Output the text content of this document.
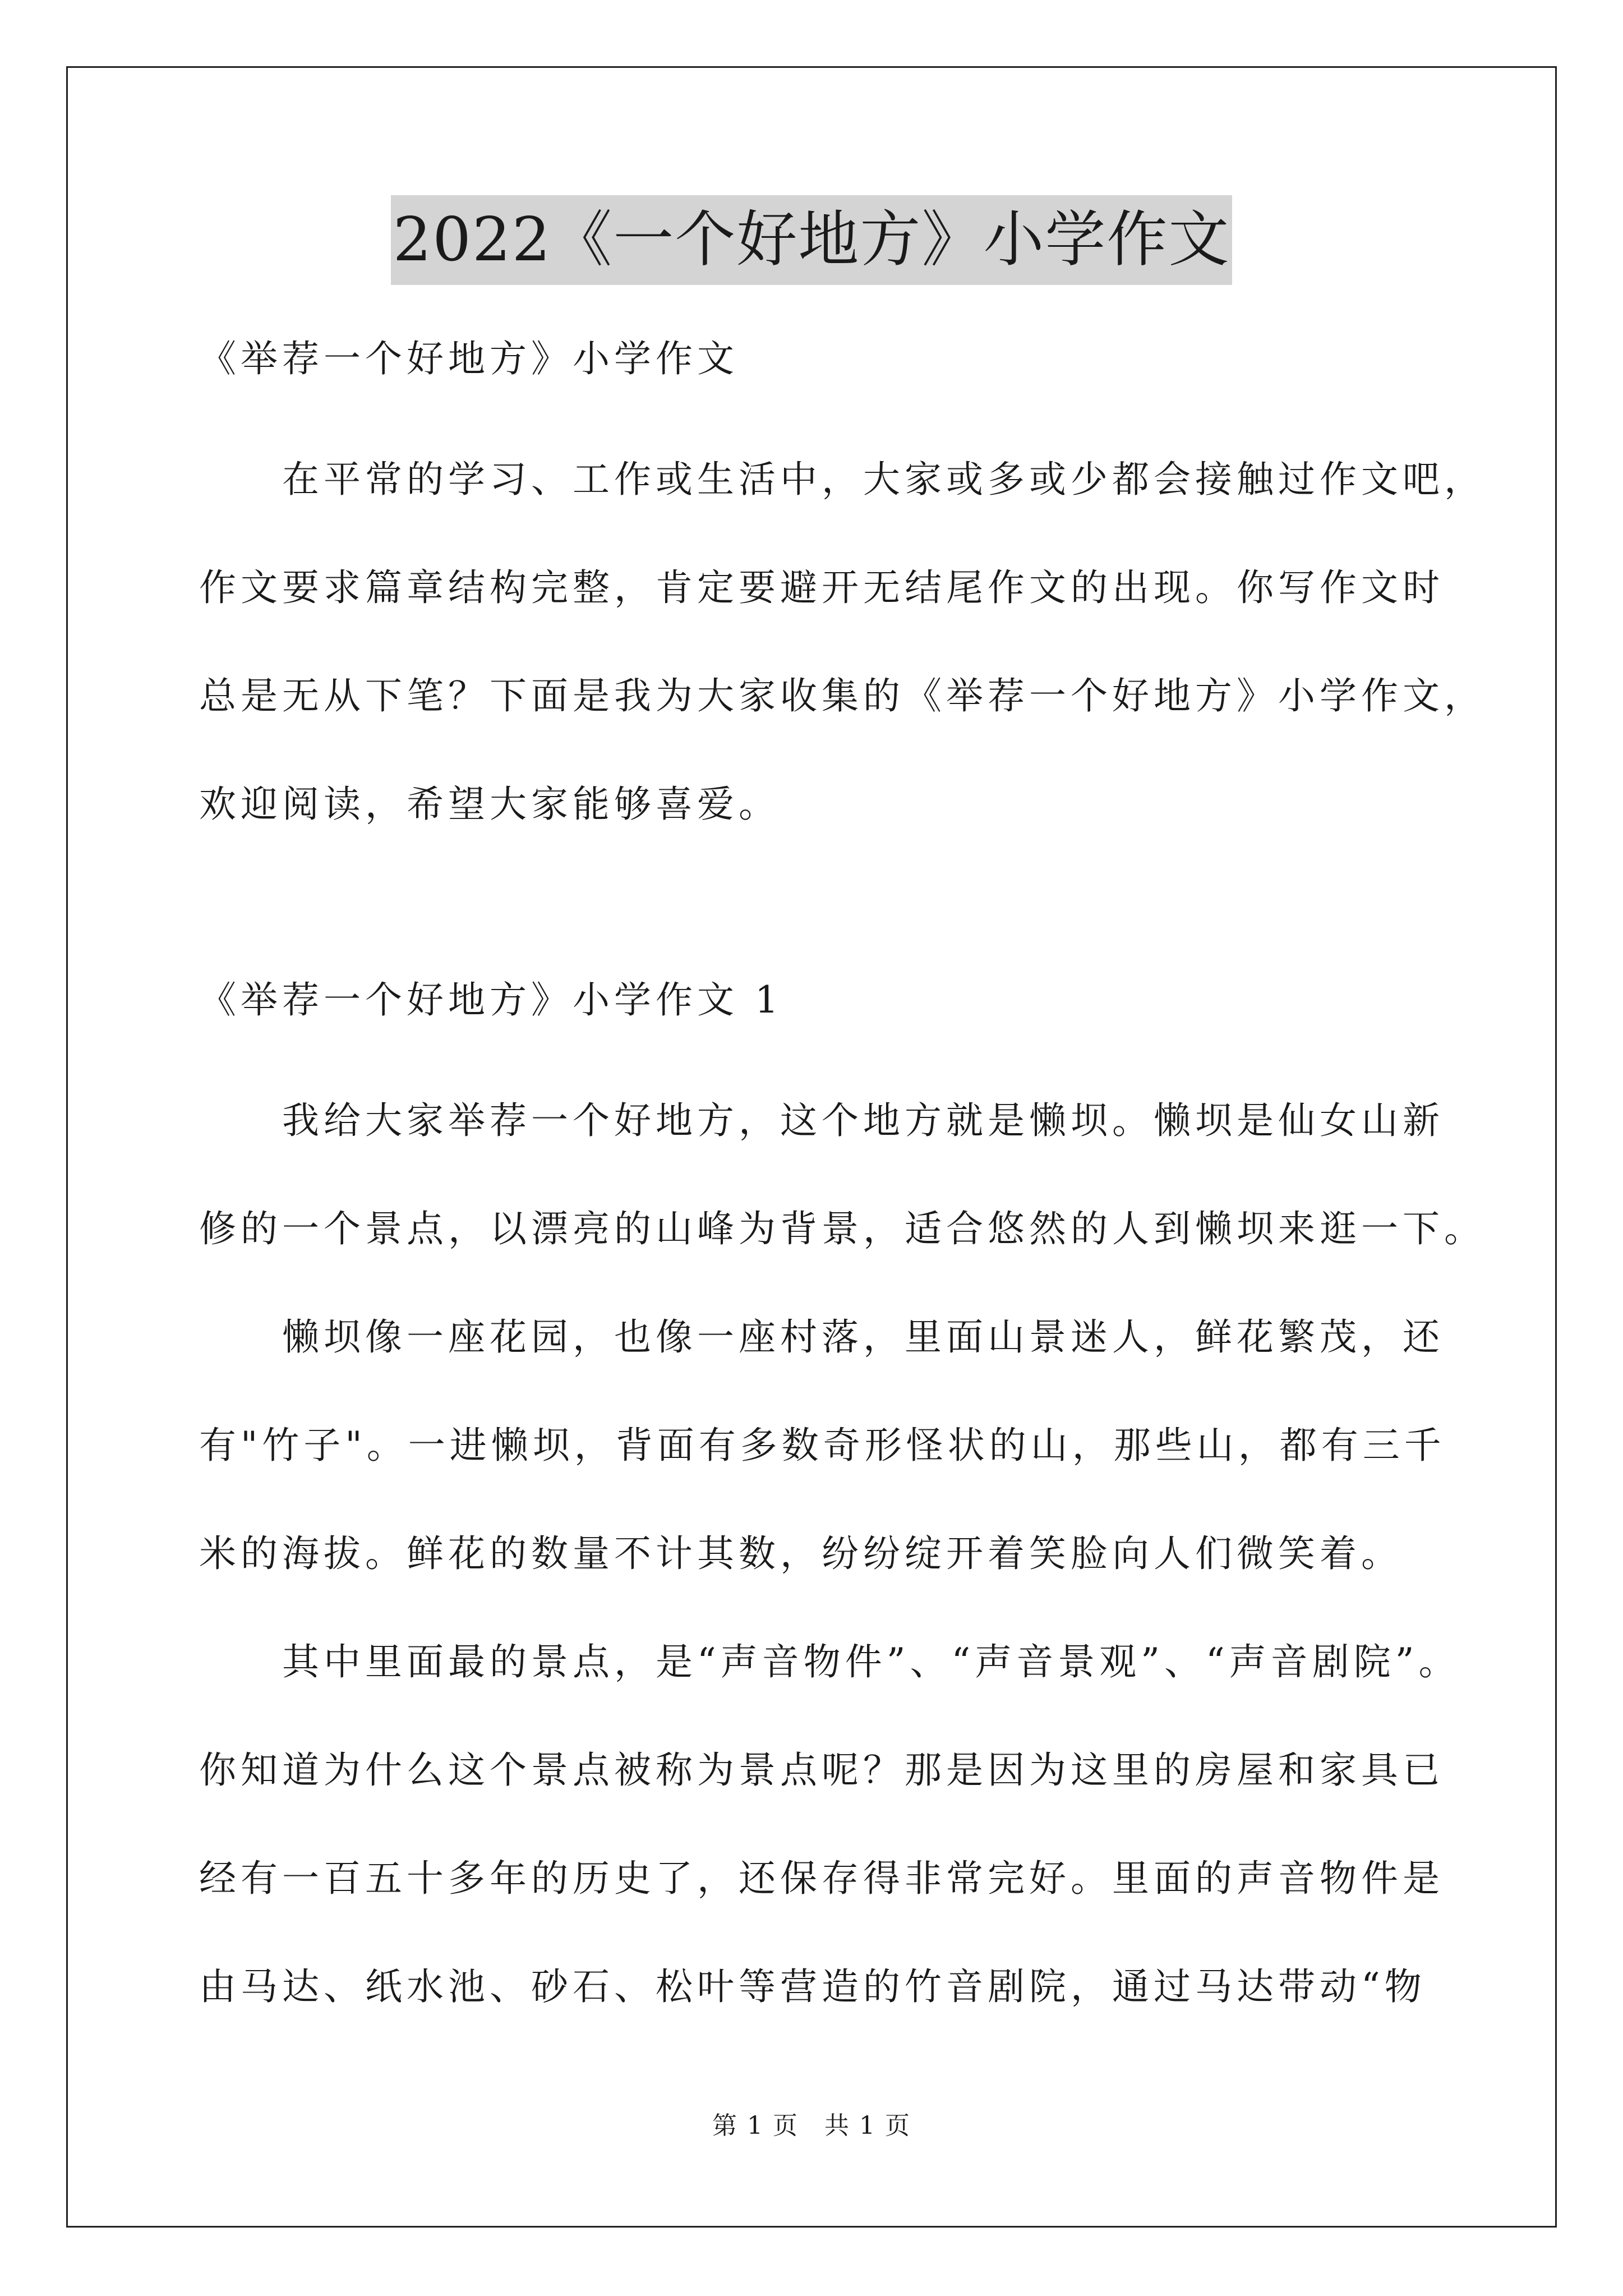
2022《一个好地方》小学作文
《举荐一个好地方》小学作文
　　在平常的学习、工作或生活中，大家或多或少都会接触过作文吧，
作文要求篇章结构完整，肯定要避开无结尾作文的出现。你写作文时
总是无从下笔？下面是我为大家收集的《举荐一个好地方》小学作文，
欢迎阅读，希望大家能够喜爱。
《举荐一个好地方》小学作文 1
　　我给大家举荐一个好地方，这个地方就是懒坝。懒坝是仙女山新
修的一个景点，以漂亮的山峰为背景，适合悠然的人到懒坝来逛一下。
　　懒坝像一座花园，也像一座村落，里面山景迷人，鲜花繁茂，还
有"竹子"。一进懒坝，背面有多数奇形怪状的山，那些山，都有三千
米的海拔。鲜花的数量不计其数，纷纷绽开着笑脸向人们微笑着。
　　其中里面最的景点，是“声音物件”、“声音景观”、“声音剧院”。
你知道为什么这个景点被称为景点呢？那是因为这里的房屋和家具已
经有一百五十多年的历史了，还保存得非常完好。里面的声音物件是
由马达、纸水池、砂石、松叶等营造的竹音剧院，通过马达带动“物
第 1 页　共 1 页
